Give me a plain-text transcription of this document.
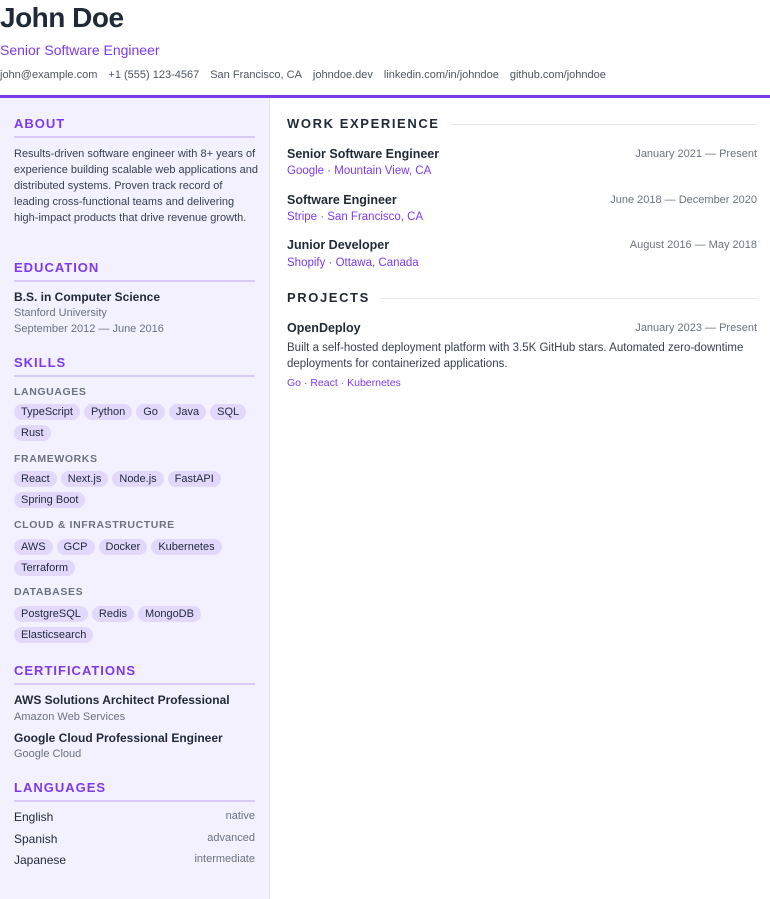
John Doe
Senior Software Engineer
john@example.com +1 (555) 123-4567 San Francisco, CA johndoe.dev linkedin.com/in/johndoe github.com/johndoe
ABOUT
Results-driven software engineer with 8+ years of experience building scalable web applications and distributed systems. Proven track record of leading cross-functional teams and delivering high-impact products that drive revenue growth.
EDUCATION
B.S. in Computer Science
Stanford University
September 2012 — June 2016
SKILLS
LANGUAGES
TypeScript	Python	Go	Java	SQL
Rust
FRAMEWORKS
React	Next.js	Node.js	FastAPI
Spring Boot
CLOUD & INFRASTRUCTURE
AWS	GCP	Docker	Kubernetes
Terraform
DATABASES
PostgreSQL	Redis	MongoDB
Elasticsearch
CERTIFICATIONS
AWS Solutions Architect Professional
Amazon Web Services
Google Cloud Professional Engineer
Google Cloud
LANGUAGES
English	native
Spanish	advanced
Japanese	intermediate
WORK EXPERIENCE
Senior Software Engineer	January 2021 — Present
Google · Mountain View, CA
Software Engineer	June 2018 — December 2020
Stripe · San Francisco, CA
Junior Developer	August 2016 — May 2018
Shopify · Ottawa, Canada
PROJECTS
OpenDeploy	January 2023 — Present
Built a self-hosted deployment platform with 3.5K GitHub stars. Automated zero-downtime deployments for containerized applications.
Go · React · Kubernetes
